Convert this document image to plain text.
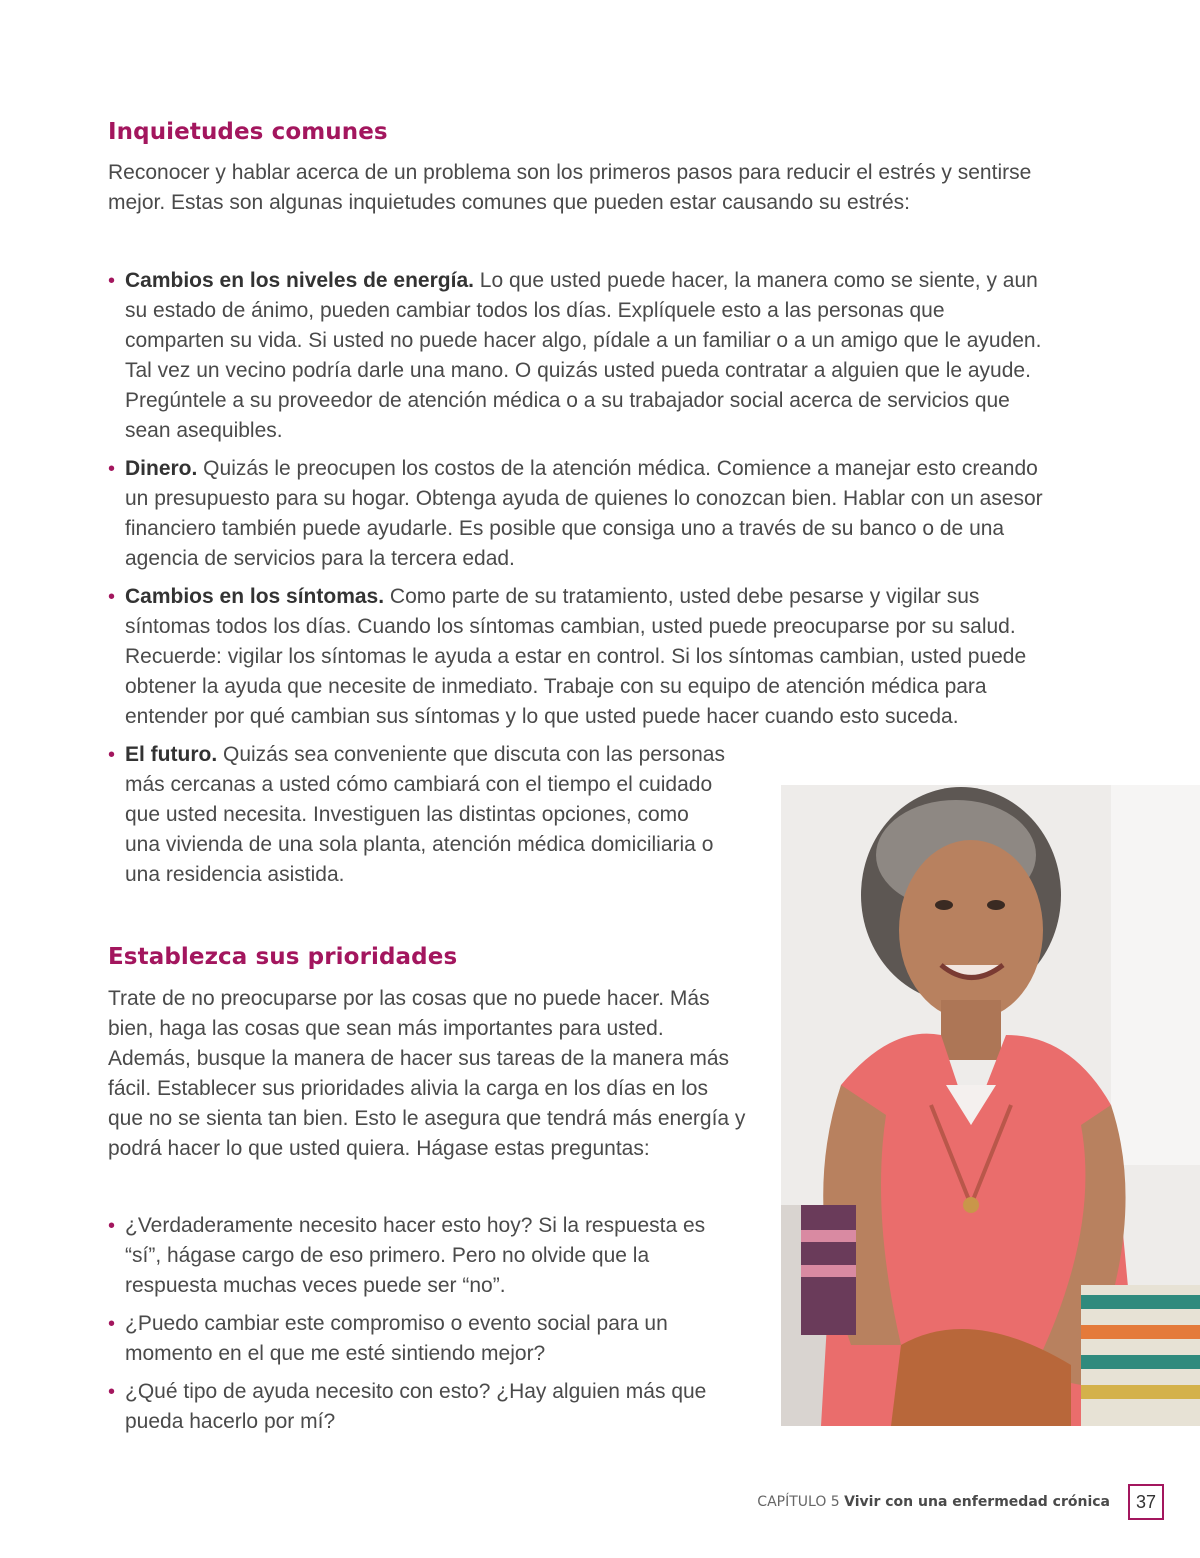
Inquietudes comunes

Reconocer y hablar acerca de un problema son los primeros pasos para reducir el estrés y sentirse mejor. Estas son algunas inquietudes comunes que pueden estar causando su estrés:

• Cambios en los niveles de energía. Lo que usted puede hacer, la manera como se siente, y aun su estado de ánimo, pueden cambiar todos los días. Explíquele esto a las personas que comparten su vida. Si usted no puede hacer algo, pídale a un familiar o a un amigo que le ayuden. Tal vez un vecino podría darle una mano. O quizás usted pueda contratar a alguien que le ayude. Pregúntele a su proveedor de atención médica o a su trabajador social acerca de servicios que sean asequibles.
• Dinero. Quizás le preocupen los costos de la atención médica. Comience a manejar esto creando un presupuesto para su hogar. Obtenga ayuda de quienes lo conozcan bien. Hablar con un asesor financiero también puede ayudarle. Es posible que consiga uno a través de su banco o de una agencia de servicios para la tercera edad.
• Cambios en los síntomas. Como parte de su tratamiento, usted debe pesarse y vigilar sus síntomas todos los días. Cuando los síntomas cambian, usted puede preocuparse por su salud. Recuerde: vigilar los síntomas le ayuda a estar en control. Si los síntomas cambian, usted puede obtener la ayuda que necesite de inmediato. Trabaje con su equipo de atención médica para entender por qué cambian sus síntomas y lo que usted puede hacer cuando esto suceda.
• El futuro. Quizás sea conveniente que discuta con las personas más cercanas a usted cómo cambiará con el tiempo el cuidado que usted necesita. Investiguen las distintas opciones, como una vivienda de una sola planta, atención médica domiciliaria o una residencia asistida.
Establezca sus prioridades

Trate de no preocuparse por las cosas que no puede hacer. Más bien, haga las cosas que sean más importantes para usted. Además, busque la manera de hacer sus tareas de la manera más fácil. Establecer sus prioridades alivia la carga en los días en los que no se sienta tan bien. Esto le asegura que tendrá más energía y podrá hacer lo que usted quiera. Hágase estas preguntas:

• ¿Verdaderamente necesito hacer esto hoy? Si la respuesta es “sí”, hágase cargo de eso primero. Pero no olvide que la respuesta muchas veces puede ser “no”.
• ¿Puedo cambiar este compromiso o evento social para un momento en el que me esté sintiendo mejor?
• ¿Qué tipo de ayuda necesito con esto? ¿Hay alguien más que pueda hacerlo por mí?
CAPÍTULO 5 Vivir con una enfermedad crónica	37
